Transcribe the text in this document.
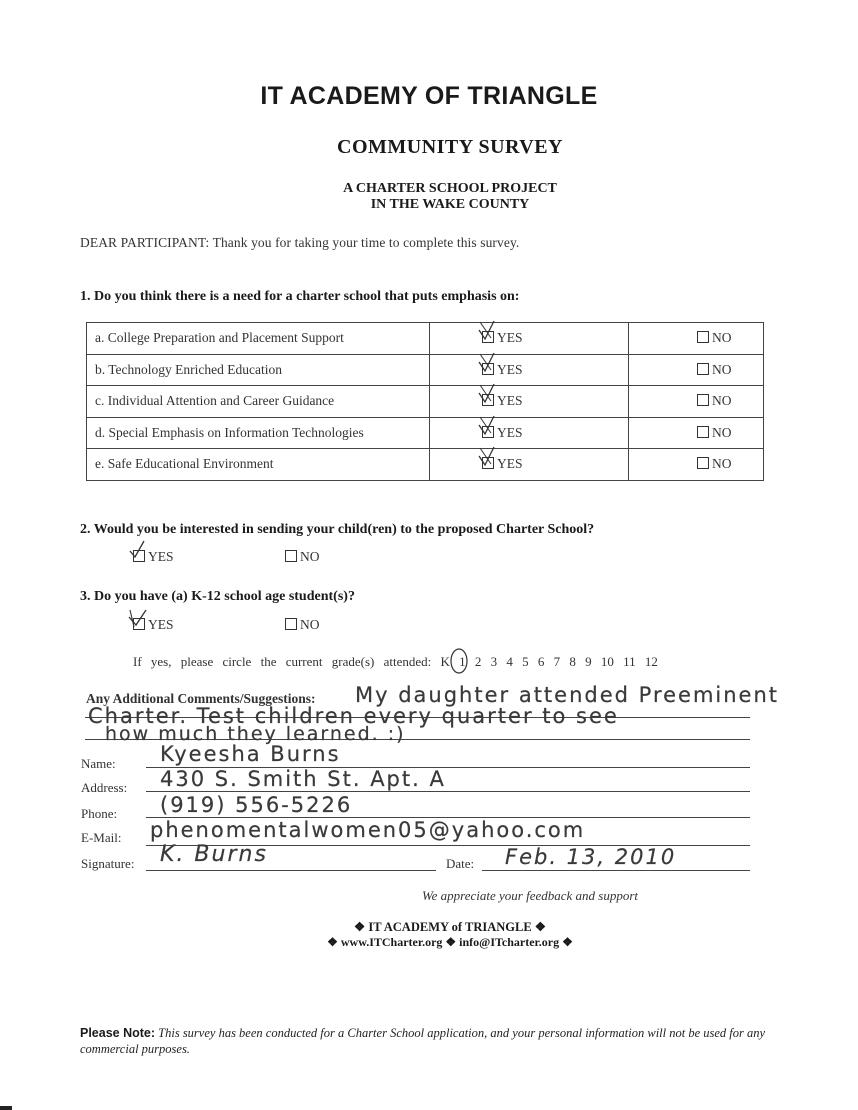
IT ACADEMY OF TRIANGLE
COMMUNITY SURVEY
A CHARTER SCHOOL PROJECT
IN THE WAKE COUNTY
DEAR PARTICIPANT: Thank you for taking your time to complete this survey.
1. Do you think there is a need for a charter school that puts emphasis on:
a. College Preparation and Placement Support	YES	NO
b. Technology Enriched Education	YES	NO
c. Individual Attention and Career Guidance	YES	NO
d. Special Emphasis on Information Technologies	YES	NO
e. Safe Educational Environment	YES	NO
2. Would you be interested in sending your child(ren) to the proposed Charter School?
YES	NO
3. Do you have (a) K-12 school age student(s)?
YES	NO
If yes, please circle the current grade(s) attended: K 1 2 3 4 5 6 7 8 9 10 11 12
Any Additional Comments/Suggestions: My daughter attended Preeminent
Charter. Test children every quarter to see
how much they learned. :)
Name: Kyeesha Burns
Address: 430 S. Smith St. Apt. A
Phone: (919) 556-5226
E-Mail: phenomentalwomen05@yahoo.com
Signature: K. Burns	Date: Feb. 13, 2010
We appreciate your feedback and support
❖ IT ACADEMY of TRIANGLE ❖
❖ www.ITCharter.org ❖ info@ITcharter.org ❖
Please Note: This survey has been conducted for a Charter School application, and your personal information will not be used for any commercial purposes.
